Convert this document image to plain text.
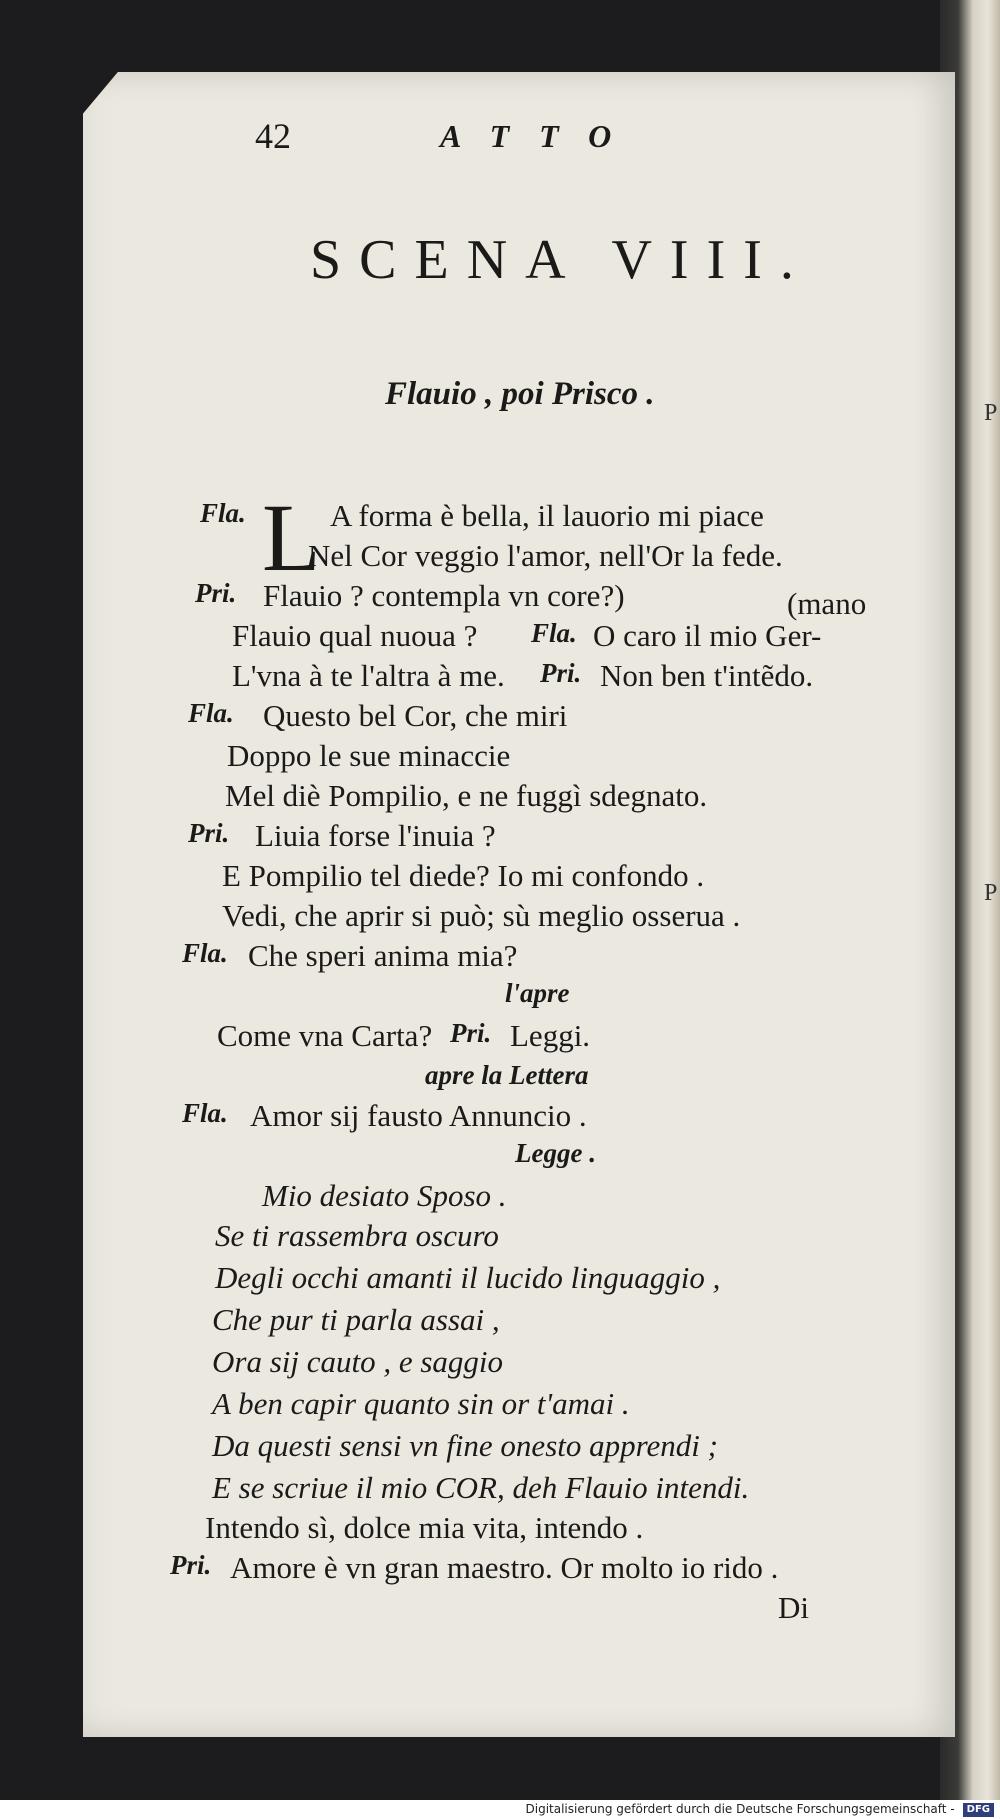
P
P
42	ATTO
SCENA VIII.
Flauio , poi Prisco .
L
Fla.	A forma è bella, il lauorio mi piace
Nel Cor veggio l'amor, nell'Or la fede.
Pri. Flauio ? contempla vn core?)	(mano
Flauio qual nuoua ? Fla. O caro il mio Ger-
L'vna à te l'altra à me. Pri. Non ben t'intẽdo.
Fla. Questo bel Cor, che miri
Doppo le sue minaccie
Mel diè Pompilio, e ne fuggì sdegnato.
Pri. Liuia forse l'inuia ?
E Pompilio tel diede? Io mi confondo .
Vedi, che aprir si può; sù meglio osserua .
Fla. Che speri anima mia?
l'apre
Come vna Carta? Pri. Leggi.
apre la Lettera
Fla. Amor sij fausto Annuncio .
Legge .
Mio desiato Sposo .
Se ti rassembra oscuro
Degli occhi amanti il lucido linguaggio ,
Che pur ti parla assai ,
Ora sij cauto , e saggio
A ben capir quanto sin or t'amai .
Da questi sensi vn fine onesto apprendi ;
E se scriue il mio COR, deh Flauio intendi.
Intendo sì, dolce mia vita, intendo .
Pri. Amore è vn gran maestro. Or molto io rido .
Di
Digitalisierung gefördert durch die Deutsche Forschungsgemeinschaft - DFG
